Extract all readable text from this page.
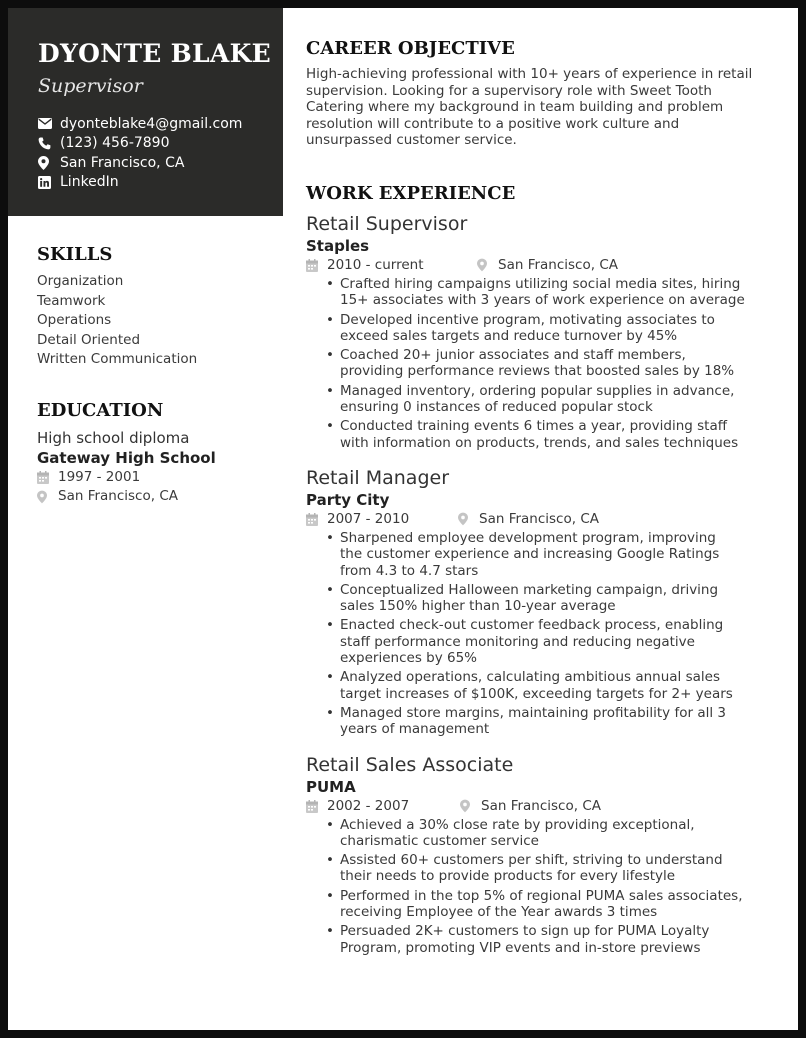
DYONTE BLAKE
Supervisor
dyonteblake4@gmail.com
(123) 456-7890
San Francisco, CA
LinkedIn
SKILLS
Organization
Teamwork
Operations
Detail Oriented
Written Communication
EDUCATION
High school diploma
Gateway High School
1997 - 2001
San Francisco, CA
CAREER OBJECTIVE
High-achieving professional with 10+ years of experience in retail
supervision. Looking for a supervisory role with Sweet Tooth
Catering where my background in team building and problem
resolution will contribute to a positive work culture and
unsurpassed customer service.
WORK EXPERIENCE
Retail Supervisor
Staples
2010 - current	San Francisco, CA
• Crafted hiring campaigns utilizing social media sites, hiring
15+ associates with 3 years of work experience on average
• Developed incentive program, motivating associates to
exceed sales targets and reduce turnover by 45%
• Coached 20+ junior associates and staff members,
providing performance reviews that boosted sales by 18%
• Managed inventory, ordering popular supplies in advance,
ensuring 0 instances of reduced popular stock
• Conducted training events 6 times a year, providing staff
with information on products, trends, and sales techniques
Retail Manager
Party City
2007 - 2010	San Francisco, CA
• Sharpened employee development program, improving
the customer experience and increasing Google Ratings
from 4.3 to 4.7 stars
• Conceptualized Halloween marketing campaign, driving
sales 150% higher than 10-year average
• Enacted check-out customer feedback process, enabling
staff performance monitoring and reducing negative
experiences by 65%
• Analyzed operations, calculating ambitious annual sales
target increases of $100K, exceeding targets for 2+ years
• Managed store margins, maintaining profitability for all 3
years of management
Retail Sales Associate
PUMA
2002 - 2007	San Francisco, CA
• Achieved a 30% close rate by providing exceptional,
charismatic customer service
• Assisted 60+ customers per shift, striving to understand
their needs to provide products for every lifestyle
• Performed in the top 5% of regional PUMA sales associates,
receiving Employee of the Year awards 3 times
• Persuaded 2K+ customers to sign up for PUMA Loyalty
Program, promoting VIP events and in-store previews
